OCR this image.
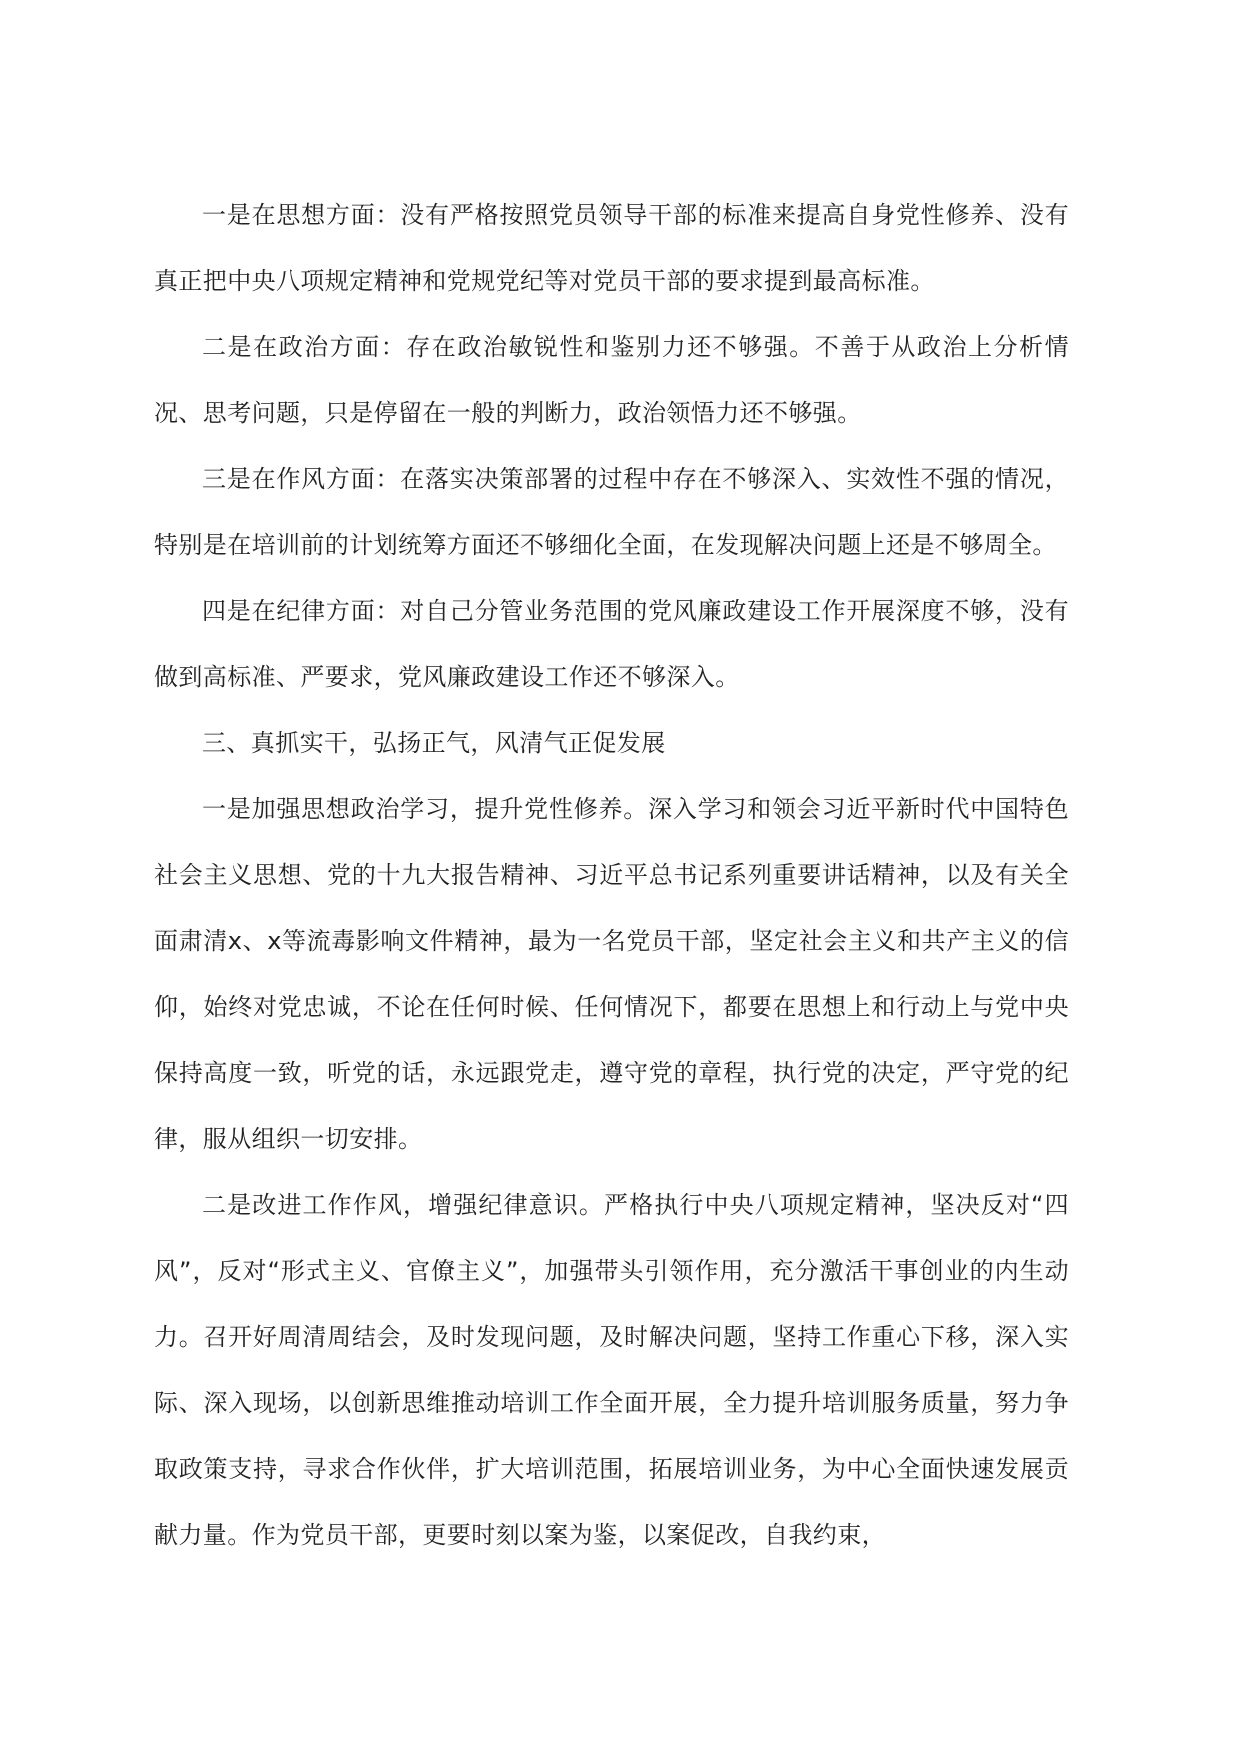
一是在思想方面：没有严格按照党员领导干部的标准来提高自身党性修养、没有真正把中央八项规定精神和党规党纪等对党员干部的要求提到最高标准。

二是在政治方面：存在政治敏锐性和鉴别力还不够强。不善于从政治上分析情况、思考问题，只是停留在一般的判断力，政治领悟力还不够强。

三是在作风方面：在落实决策部署的过程中存在不够深入、实效性不强的情况，特别是在培训前的计划统筹方面还不够细化全面，在发现解决问题上还是不够周全。

四是在纪律方面：对自己分管业务范围的党风廉政建设工作开展深度不够，没有做到高标准、严要求，党风廉政建设工作还不够深入。

三、真抓实干，弘扬正气，风清气正促发展

一是加强思想政治学习，提升党性修养。深入学习和领会习近平新时代中国特色社会主义思想、党的十九大报告精神、习近平总书记系列重要讲话精神，以及有关全面肃清x、x等流毒影响文件精神，最为一名党员干部，坚定社会主义和共产主义的信仰，始终对党忠诚，不论在任何时候、任何情况下，都要在思想上和行动上与党中央保持高度一致，听党的话，永远跟党走，遵守党的章程，执行党的决定，严守党的纪律，服从组织一切安排。

二是改进工作作风，增强纪律意识。严格执行中央八项规定精神，坚决反对“四风”，反对“形式主义、官僚主义”，加强带头引领作用，充分激活干事创业的内生动力。召开好周清周结会，及时发现问题，及时解决问题，坚持工作重心下移，深入实际、深入现场，以创新思维推动培训工作全面开展，全力提升培训服务质量，努力争取政策支持，寻求合作伙伴，扩大培训范围，拓展培训业务，为中心全面快速发展贡献力量。作为党员干部，更要时刻以案为鉴，以案促改，自我约束，
